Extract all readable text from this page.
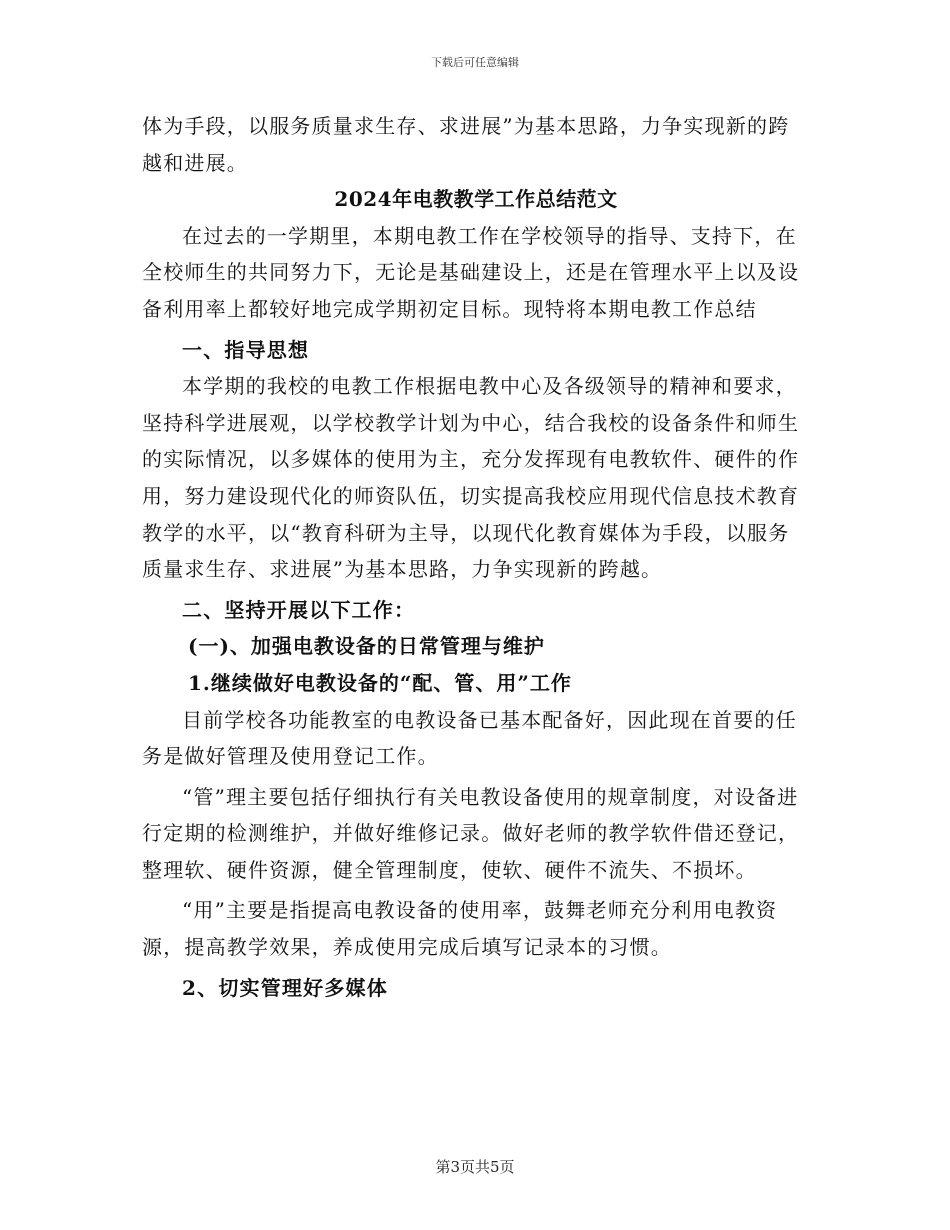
下载后可任意编辑

体为手段，以服务质量求生存、求进展”为基本思路，力争实现新的跨越和进展。

2024年电教教学工作总结范文

在过去的一学期里，本期电教工作在学校领导的指导、支持下，在全校师生的共同努力下，无论是基础建设上，还是在管理水平上以及设备利用率上都较好地完成学期初定目标。现特将本期电教工作总结

一、指导思想

本学期的我校的电教工作根据电教中心及各级领导的精神和要求，坚持科学进展观，以学校教学计划为中心，结合我校的设备条件和师生的实际情况，以多媒体的使用为主，充分发挥现有电教软件、硬件的作用，努力建设现代化的师资队伍，切实提高我校应用现代信息技术教育教学的水平，以“教育科研为主导，以现代化教育媒体为手段，以服务质量求生存、求进展”为基本思路，力争实现新的跨越。

二、坚持开展以下工作：

(一)、加强电教设备的日常管理与维护

1.继续做好电教设备的“配、管、用”工作

目前学校各功能教室的电教设备已基本配备好，因此现在首要的任务是做好管理及使用登记工作。

“管”理主要包括仔细执行有关电教设备使用的规章制度，对设备进行定期的检测维护，并做好维修记录。做好老师的教学软件借还登记，整理软、硬件资源，健全管理制度，使软、硬件不流失、不损坏。

“用”主要是指提高电教设备的使用率，鼓舞老师充分利用电教资源，提高教学效果，养成使用完成后填写记录本的习惯。

2、切实管理好多媒体

第3页共5页
